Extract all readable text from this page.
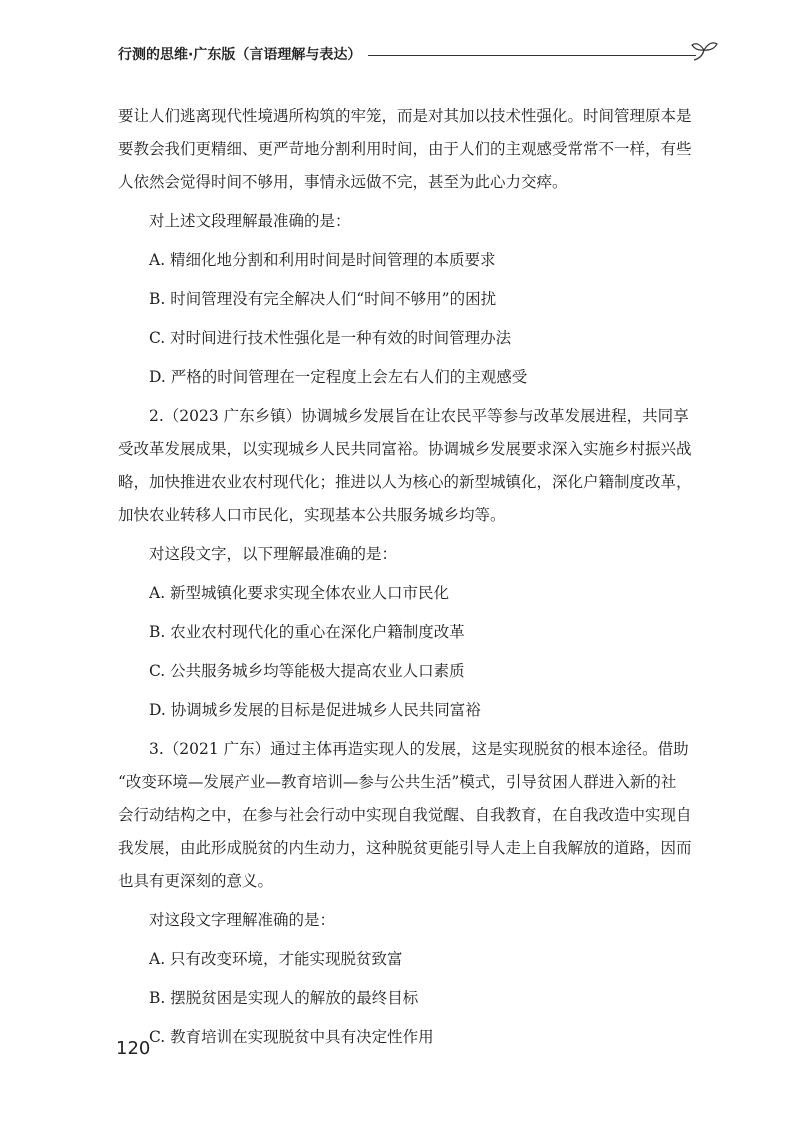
行测的思维·广东版（言语理解与表达）
要让人们逃离现代性境遇所构筑的牢笼，而是对其加以技术性强化。时间管理原本是
要教会我们更精细、更严苛地分割利用时间，由于人们的主观感受常常不一样，有些
人依然会觉得时间不够用，事情永远做不完，甚至为此心力交瘁。

对上述文段理解最准确的是：

A. 精细化地分割和利用时间是时间管理的本质要求

B. 时间管理没有完全解决人们“时间不够用”的困扰

C. 对时间进行技术性强化是一种有效的时间管理办法

D. 严格的时间管理在一定程度上会左右人们的主观感受

2.（2023 广东乡镇）协调城乡发展旨在让农民平等参与改革发展进程，共同享
受改革发展成果，以实现城乡人民共同富裕。协调城乡发展要求深入实施乡村振兴战
略，加快推进农业农村现代化；推进以人为核心的新型城镇化，深化户籍制度改革，
加快农业转移人口市民化，实现基本公共服务城乡均等。

对这段文字，以下理解最准确的是：

A. 新型城镇化要求实现全体农业人口市民化

B. 农业农村现代化的重心在深化户籍制度改革

C. 公共服务城乡均等能极大提高农业人口素质

D. 协调城乡发展的目标是促进城乡人民共同富裕

3.（2021 广东）通过主体再造实现人的发展，这是实现脱贫的根本途径。借助
“改变环境—发展产业—教育培训—参与公共生活”模式，引导贫困人群进入新的社
会行动结构之中，在参与社会行动中实现自我觉醒、自我教育，在自我改造中实现自
我发展，由此形成脱贫的内生动力，这种脱贫更能引导人走上自我解放的道路，因而
也具有更深刻的意义。

对这段文字理解准确的是：

A. 只有改变环境，才能实现脱贫致富

B. 摆脱贫困是实现人的解放的最终目标

C. 教育培训在实现脱贫中具有决定性作用

120
